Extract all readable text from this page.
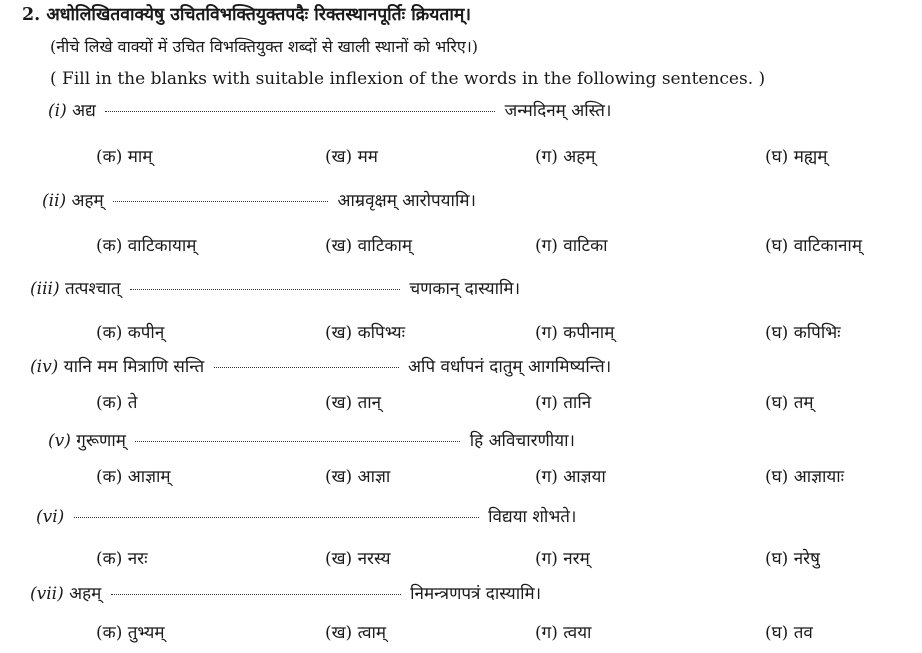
2. अधोलिखितवाक्येषु उचितविभक्तियुक्तपदैः रिक्तस्थानपूर्तिः क्रियताम्।
(नीचे लिखे वाक्यों में उचित विभक्तियुक्त शब्दों से खाली स्थानों को भरिए।)
( Fill in the blanks with suitable inflexion of the words in the following sentences. )
(i) अद्य	जन्मदिनम् अस्ति।
(क) माम्	(ख) मम	(ग) अहम्	(घ) मह्यम्
(ii) अहम्	आम्रवृक्षम् आरोपयामि।
(क) वाटिकायाम्	(ख) वाटिकाम्	(ग) वाटिका	(घ) वाटिकानाम्
(iii) तत्पश्चात्	चणकान् दास्यामि।
(क) कपीन्	(ख) कपिभ्यः	(ग) कपीनाम्	(घ) कपिभिः
(iv) यानि मम मित्राणि सन्ति	अपि वर्धापनं दातुम् आगमिष्यन्ति।
(क) ते	(ख) तान्	(ग) तानि	(घ) तम्
(v) गुरूणाम्	हि अविचारणीया।
(क) आज्ञाम्	(ख) आज्ञा	(ग) आज्ञया	(घ) आज्ञायाः
(vi)	विद्यया शोभते।
(क) नरः	(ख) नरस्य	(ग) नरम्	(घ) नरेषु
(vii) अहम्	निमन्त्रणपत्रं दास्यामि।
(क) तुभ्यम्	(ख) त्वाम्	(ग) त्वया	(घ) तव
